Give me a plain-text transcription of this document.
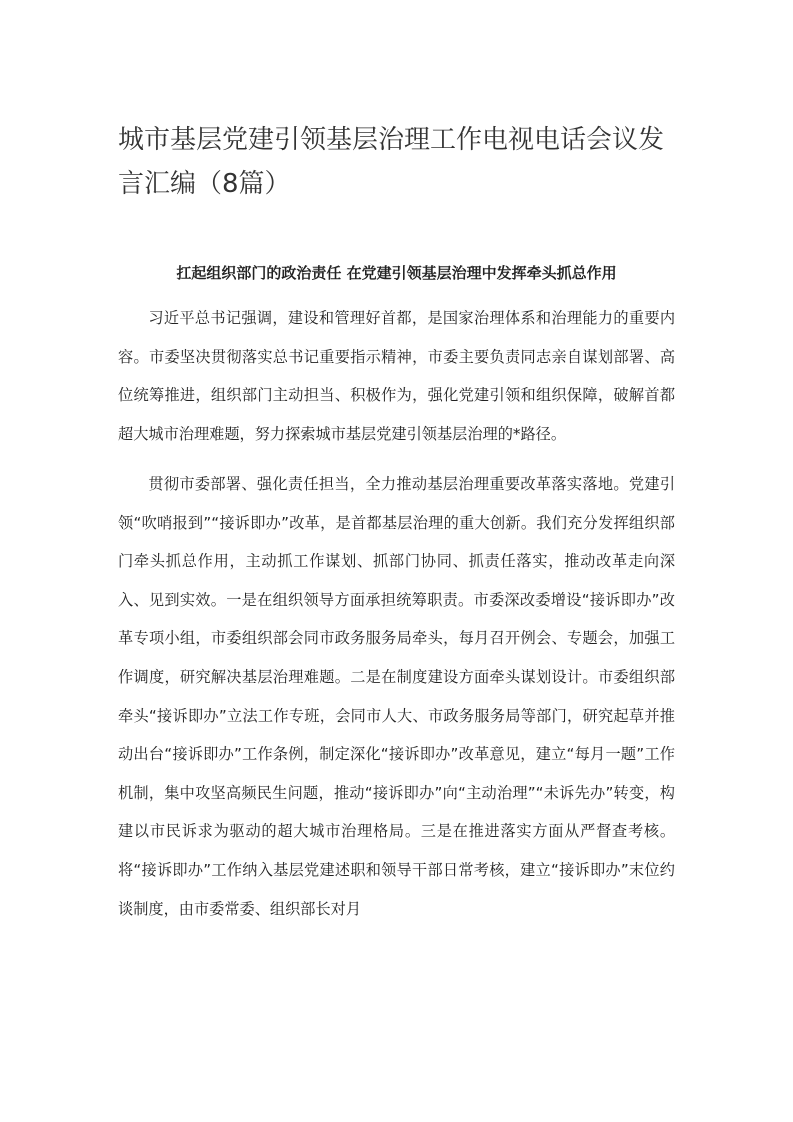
城市基层党建引领基层治理工作电视电话会议发言汇编（8篇）
扛起组织部门的政治责任 在党建引领基层治理中发挥牵头抓总作用

习近平总书记强调，建设和管理好首都，是国家治理体系和治理能力的重要内容。市委坚决贯彻落实总书记重要指示精神，市委主要负责同志亲自谋划部署、高位统筹推进，组织部门主动担当、积极作为，强化党建引领和组织保障，破解首都超大城市治理难题，努力探索城市基层党建引领基层治理的*路径。

贯彻市委部署、强化责任担当，全力推动基层治理重要改革落实落地。党建引领“吹哨报到”“接诉即办”改革，是首都基层治理的重大创新。我们充分发挥组织部门牵头抓总作用，主动抓工作谋划、抓部门协同、抓责任落实，推动改革走向深入、见到实效。一是在组织领导方面承担统筹职责。市委深改委增设“接诉即办”改革专项小组，市委组织部会同市政务服务局牵头，每月召开例会、专题会，加强工作调度，研究解决基层治理难题。二是在制度建设方面牵头谋划设计。市委组织部牵头“接诉即办”立法工作专班，会同市人大、市政务服务局等部门，研究起草并推动出台“接诉即办”工作条例，制定深化“接诉即办”改革意见，建立“每月一题”工作机制，集中攻坚高频民生问题，推动“接诉即办”向“主动治理”“未诉先办”转变，构建以市民诉求为驱动的超大城市治理格局。三是在推进落实方面从严督查考核。将“接诉即办”工作纳入基层党建述职和领导干部日常考核，建立“接诉即办”末位约谈制度，由市委常委、组织部长对月
